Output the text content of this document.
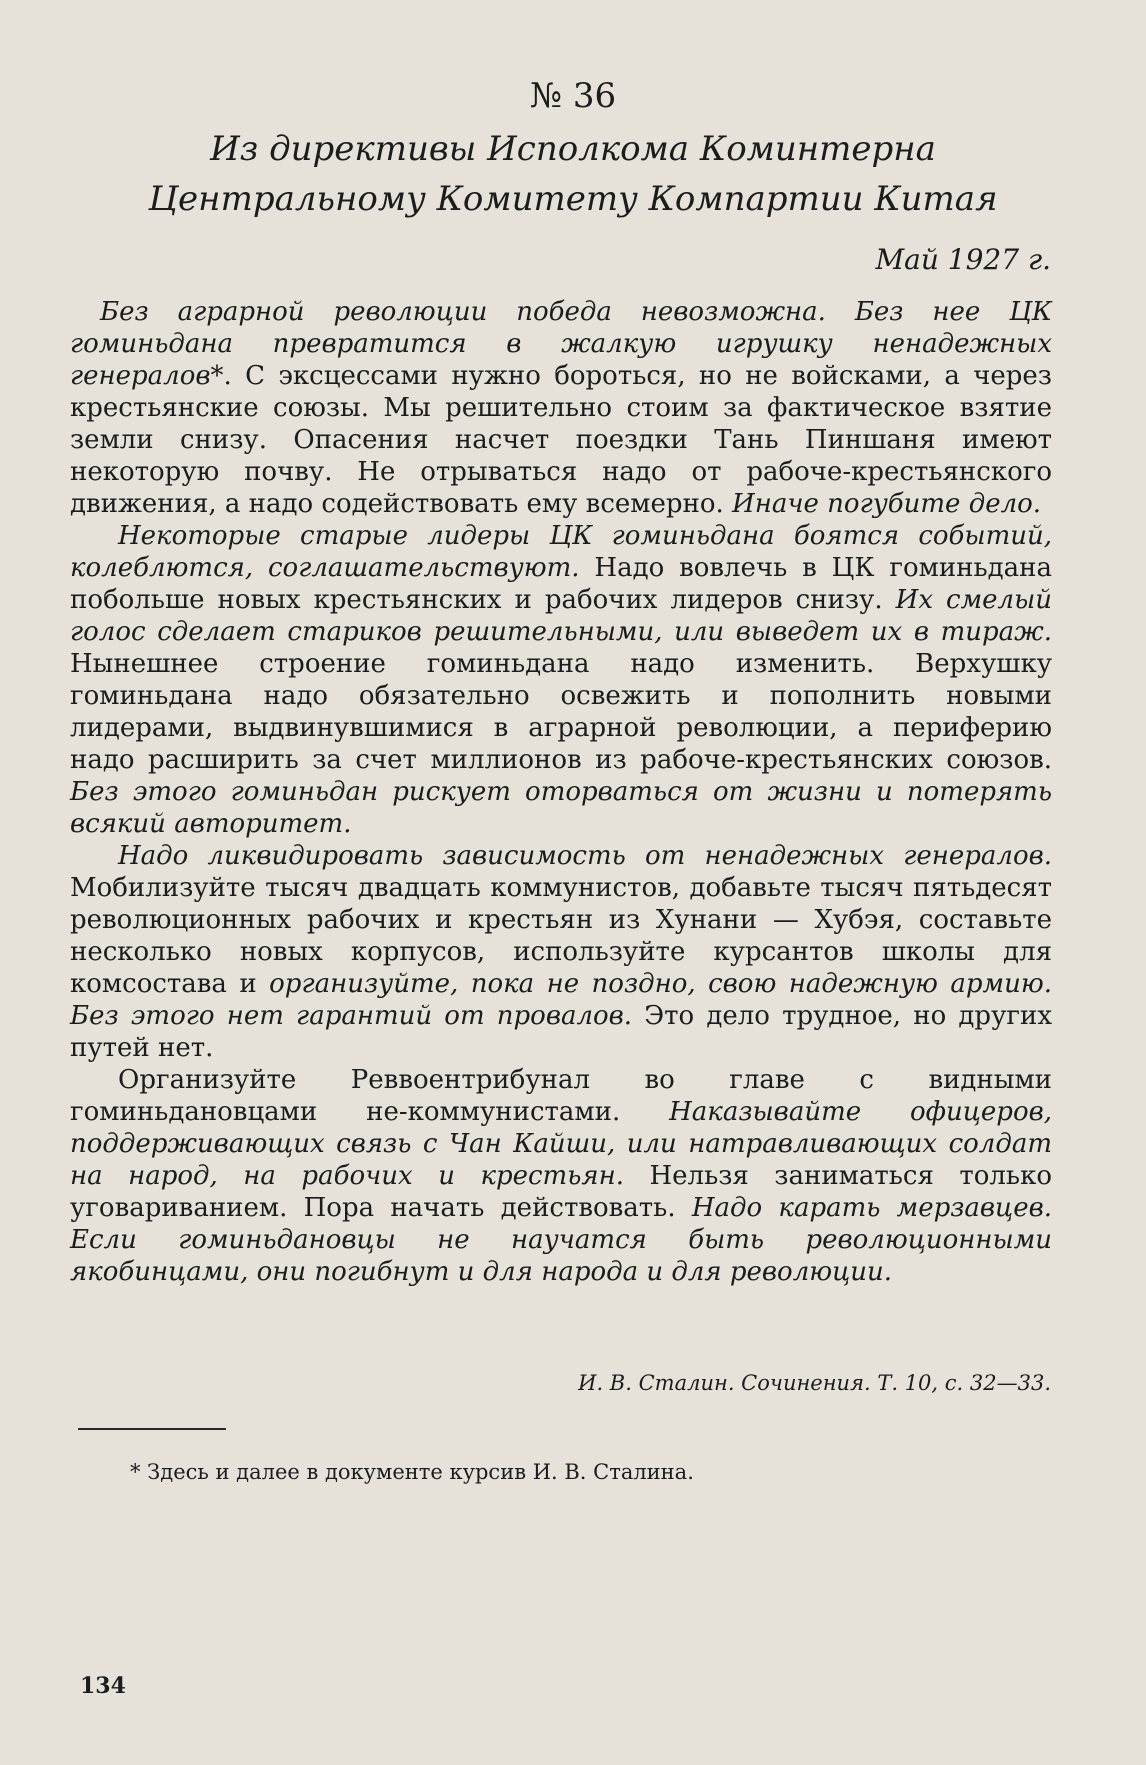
№ 36
Из директивы Исполкома Коминтерна
Центральному Комитету Компартии Китая
Май 1927 г.

Без аграрной революции победа невозможна. Без нее ЦК гоминьдана превратится в жалкую игрушку ненадежных генералов*. С эксцессами нужно бороться, но не войсками, а через крестьянские союзы. Мы решительно стоим за фактическое взятие земли снизу. Опасения насчет поездки Тань Пиншаня имеют некоторую почву. Не отрываться надо от рабоче-крестьянского движения, а надо содействовать ему всемерно. Иначе погубите дело.

Некоторые старые лидеры ЦК гоминьдана боятся событий, колеблются, соглашательствуют. Надо вовлечь в ЦК гоминьдана побольше новых крестьянских и рабочих лидеров снизу. Их смелый голос сделает стариков решительными, или выведет их в тираж. Нынешнее строение гоминьдана надо изменить. Верхушку гоминьдана надо обязательно освежить и пополнить новыми лидерами, выдвинувшимися в аграрной революции, а периферию надо расширить за счет миллионов из рабоче-крестьянских союзов. Без этого гоминьдан рискует оторваться от жизни и потерять всякий авторитет.

Надо ликвидировать зависимость от ненадежных генералов. Мобилизуйте тысяч двадцать коммунистов, добавьте тысяч пятьдесят революционных рабочих и крестьян из Хунани — Хубэя, составьте несколько новых корпусов, используйте курсантов школы для комсостава и организуйте, пока не поздно, свою надежную армию. Без этого нет гарантий от провалов. Это дело трудное, но других путей нет.

Организуйте Реввоентрибунал во главе с видными гоминьдановцами не-коммунистами. Наказывайте офицеров, поддерживающих связь с Чан Кайши, или натравливающих солдат на народ, на рабочих и крестьян. Нельзя заниматься только уговариванием. Пора начать действовать. Надо карать мерзавцев. Если гоминьдановцы не научатся быть революционными якобинцами, они погибнут и для народа и для революции.

И. В. Сталин. Сочинения. Т. 10, с. 32—33.
* Здесь и далее в документе курсив И. В. Сталина.
134
